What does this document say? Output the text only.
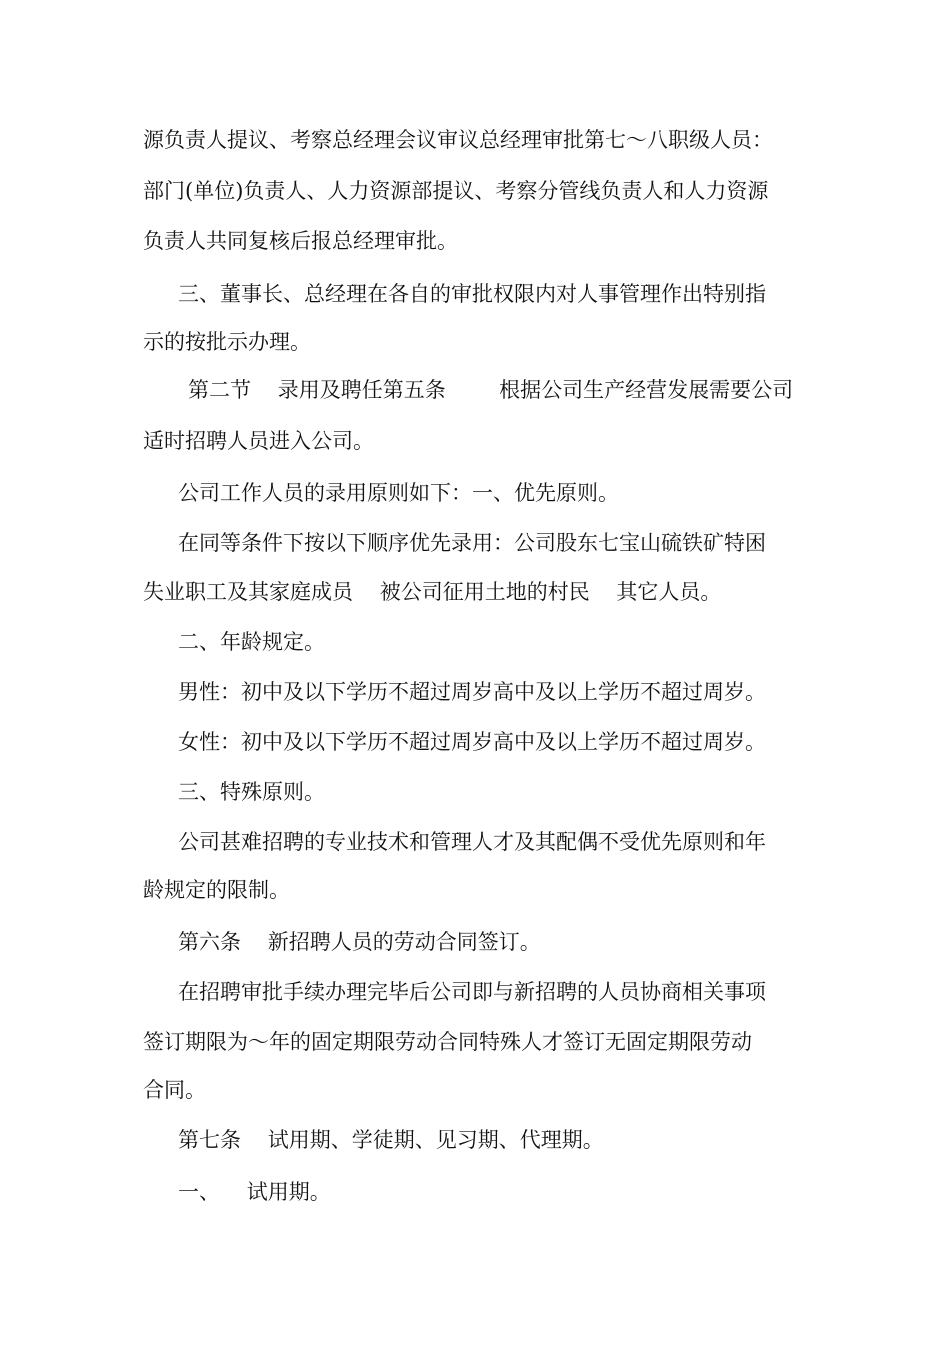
源负责人提议、考察总经理会议审议总经理审批第七～八职级人员：
部门(单位)负责人、人力资源部提议、考察分管线负责人和人力资源
负责人共同复核后报总经理审批。
三、董事长、总经理在各自的审批权限内对人事管理作出特别指
示的按批示办理。
第二节    录用及聘任第五条        根据公司生产经营发展需要公司
适时招聘人员进入公司。
公司工作人员的录用原则如下：一、优先原则。
在同等条件下按以下顺序优先录用：公司股东七宝山硫铁矿特困
失业职工及其家庭成员    被公司征用土地的村民    其它人员。
二、年龄规定。
男性：初中及以下学历不超过周岁高中及以上学历不超过周岁。
女性：初中及以下学历不超过周岁高中及以上学历不超过周岁。
三、特殊原则。
公司甚难招聘的专业技术和管理人才及其配偶不受优先原则和年
龄规定的限制。
第六条    新招聘人员的劳动合同签订。
在招聘审批手续办理完毕后公司即与新招聘的人员协商相关事项
签订期限为～年的固定期限劳动合同特殊人才签订无固定期限劳动
合同。
第七条    试用期、学徒期、见习期、代理期。
一、    试用期。
